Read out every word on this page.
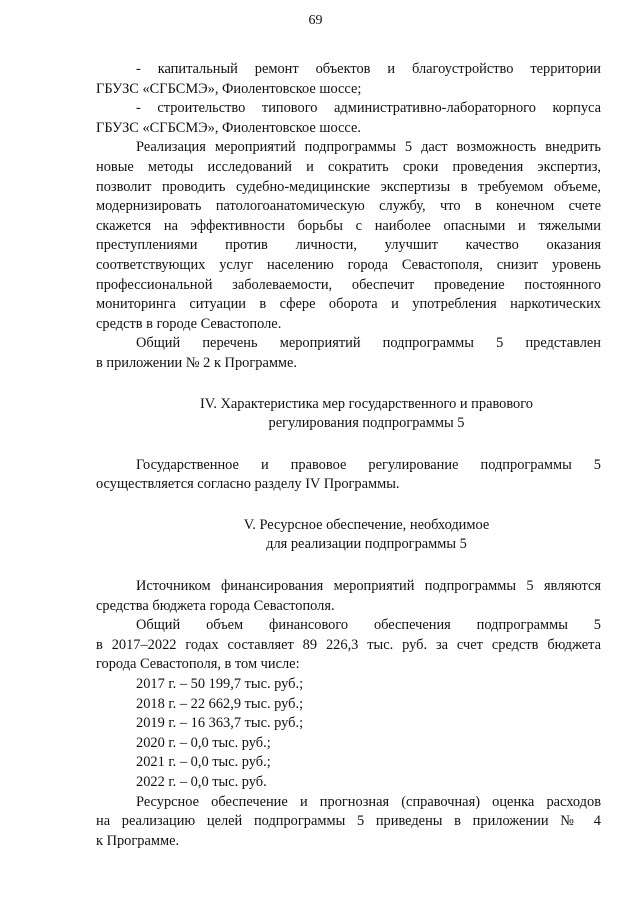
69
- капитальный ремонт объектов и благоустройство территории
ГБУЗС «СГБСМЭ», Фиолентовское шоссе;
- строительство типового административно-лабораторного корпуса
ГБУЗС «СГБСМЭ», Фиолентовское шоссе.
Реализация мероприятий подпрограммы 5 даст возможность внедрить
новые методы исследований и сократить сроки проведения экспертиз,
позволит проводить судебно-медицинские экспертизы в требуемом объеме,
модернизировать патологоанатомическую службу, что в конечном счете
скажется на эффективности борьбы с наиболее опасными и тяжелыми
преступлениями против личности, улучшит качество оказания
соответствующих услуг населению города Севастополя, снизит уровень
профессиональной заболеваемости, обеспечит проведение постоянного
мониторинга ситуации в сфере оборота и употребления наркотических
средств в городе Севастополе.
Общий перечень мероприятий подпрограммы 5 представлен
в приложении № 2 к Программе.

IV. Характеристика мер государственного и правового

регулирования подпрограммы 5

Государственное и правовое регулирование подпрограммы 5
осуществляется согласно разделу IV Программы.

V. Ресурсное обеспечение, необходимое

для реализации подпрограммы 5

Источником финансирования мероприятий подпрограммы 5 являются
средства бюджета города Севастополя.
Общий объем финансового обеспечения подпрограммы 5
в 2017–2022 годах составляет 89 226,3 тыс. руб. за счет средств бюджета
города Севастополя, в том числе:
2017 г. – 50 199,7 тыс. руб.;
2018 г. – 22 662,9 тыс. руб.;
2019 г. – 16 363,7 тыс. руб.;
2020 г. – 0,0 тыс. руб.;
2021 г. – 0,0 тыс. руб.;
2022 г. – 0,0 тыс. руб.
Ресурсное обеспечение и прогнозная (справочная) оценка расходов
на реализацию целей подпрограммы 5 приведены в приложении № 4
к Программе.
